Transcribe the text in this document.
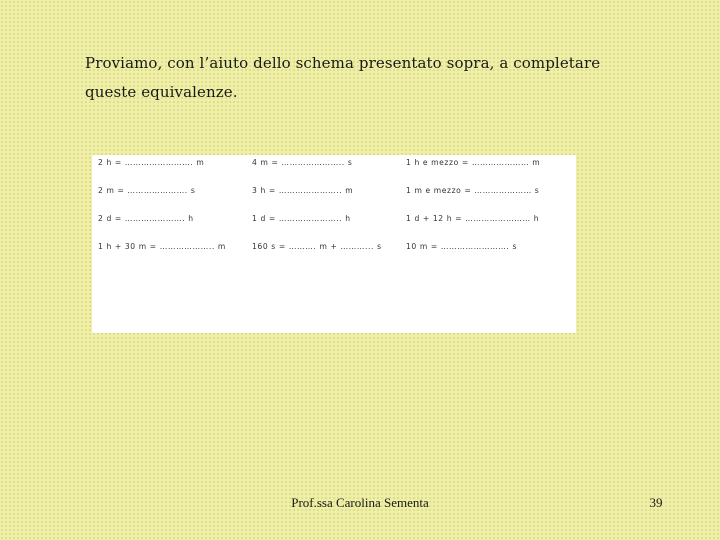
Proviamo, con l’aiuto dello schema presentato sopra, a completare queste equivalenze.

2 h = ……………………. m	4 m = ………………….. s	1 h e mezzo = ………………… m
2 m = …………………. s	3 h = ………………….. m	1 m e mezzo = ………………… s
2 d = …………………. h	1 d = ………………….. h	1 d + 12 h = …………………… h
1 h + 30 m = ……………….. m	160 s = ………. m + ………... s	10 m = ……………………. s
Prof.ssa Carolina Sementa	39
